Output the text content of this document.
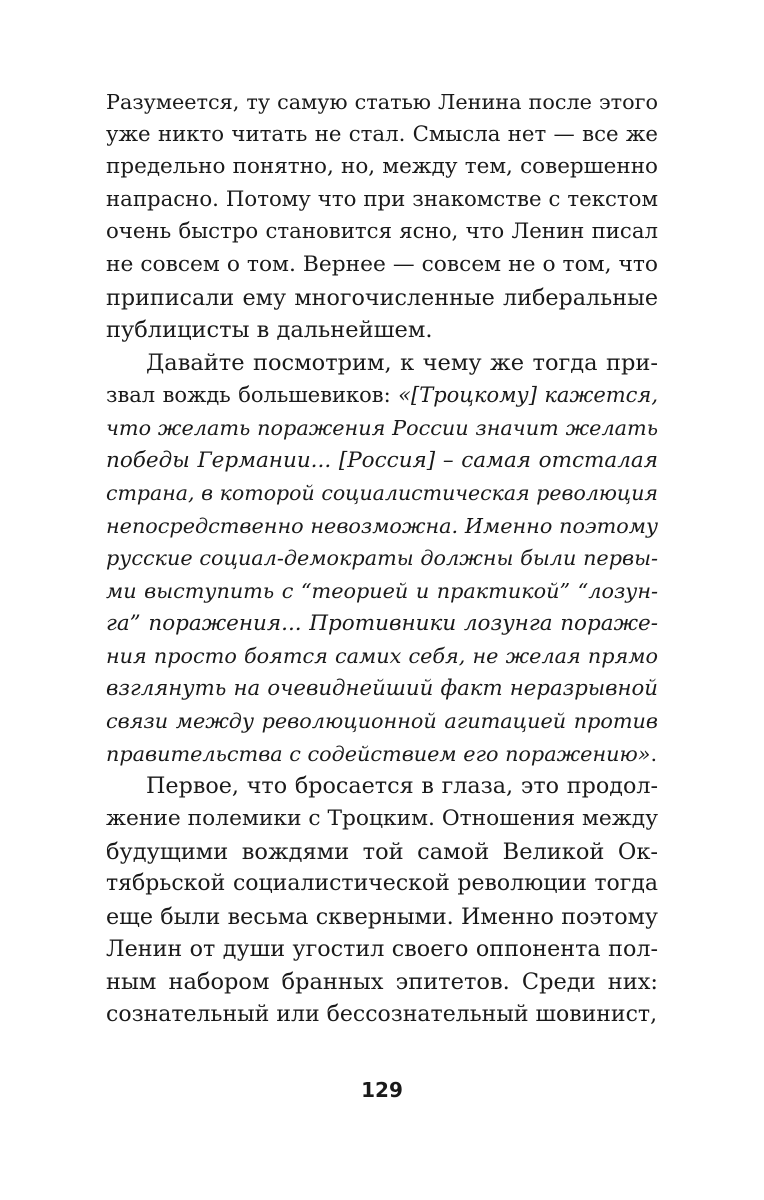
Разумеется, ту самую статью Ленина после этого
уже никто читать не стал. Смысла нет — все же
предельно понятно, но, между тем, совершенно
напрасно. Потому что при знакомстве с текстом
очень быстро становится ясно, что Ленин писал
не совсем о том. Вернее — совсем не о том, что
приписали ему многочисленные либеральные
публицисты в дальнейшем.
Давайте посмотрим, к чему же тогда при-
звал вождь большевиков: «[Троцкому] кажется,
что желать поражения России значит желать
победы Германии... [Россия] – самая отсталая
страна, в которой социалистическая революция
непосредственно невозможна. Именно поэтому
русские социал-демократы должны были первы-
ми выступить с “теорией и практикой” “лозун-
га” поражения... Противники лозунга пораже-
ния просто боятся самих себя, не желая прямо
взглянуть на очевиднейший факт неразрывной
связи между революционной агитацией против
правительства с содействием его поражению».
Первое, что бросается в глаза, это продол-
жение полемики с Троцким. Отношения между
будущими вождями той самой Великой Ок-
тябрьской социалистической революции тогда
еще были весьма скверными. Именно поэтому
Ленин от души угостил своего оппонента пол-
ным набором бранных эпитетов. Среди них:
сознательный или бессознательный шовинист,
129
